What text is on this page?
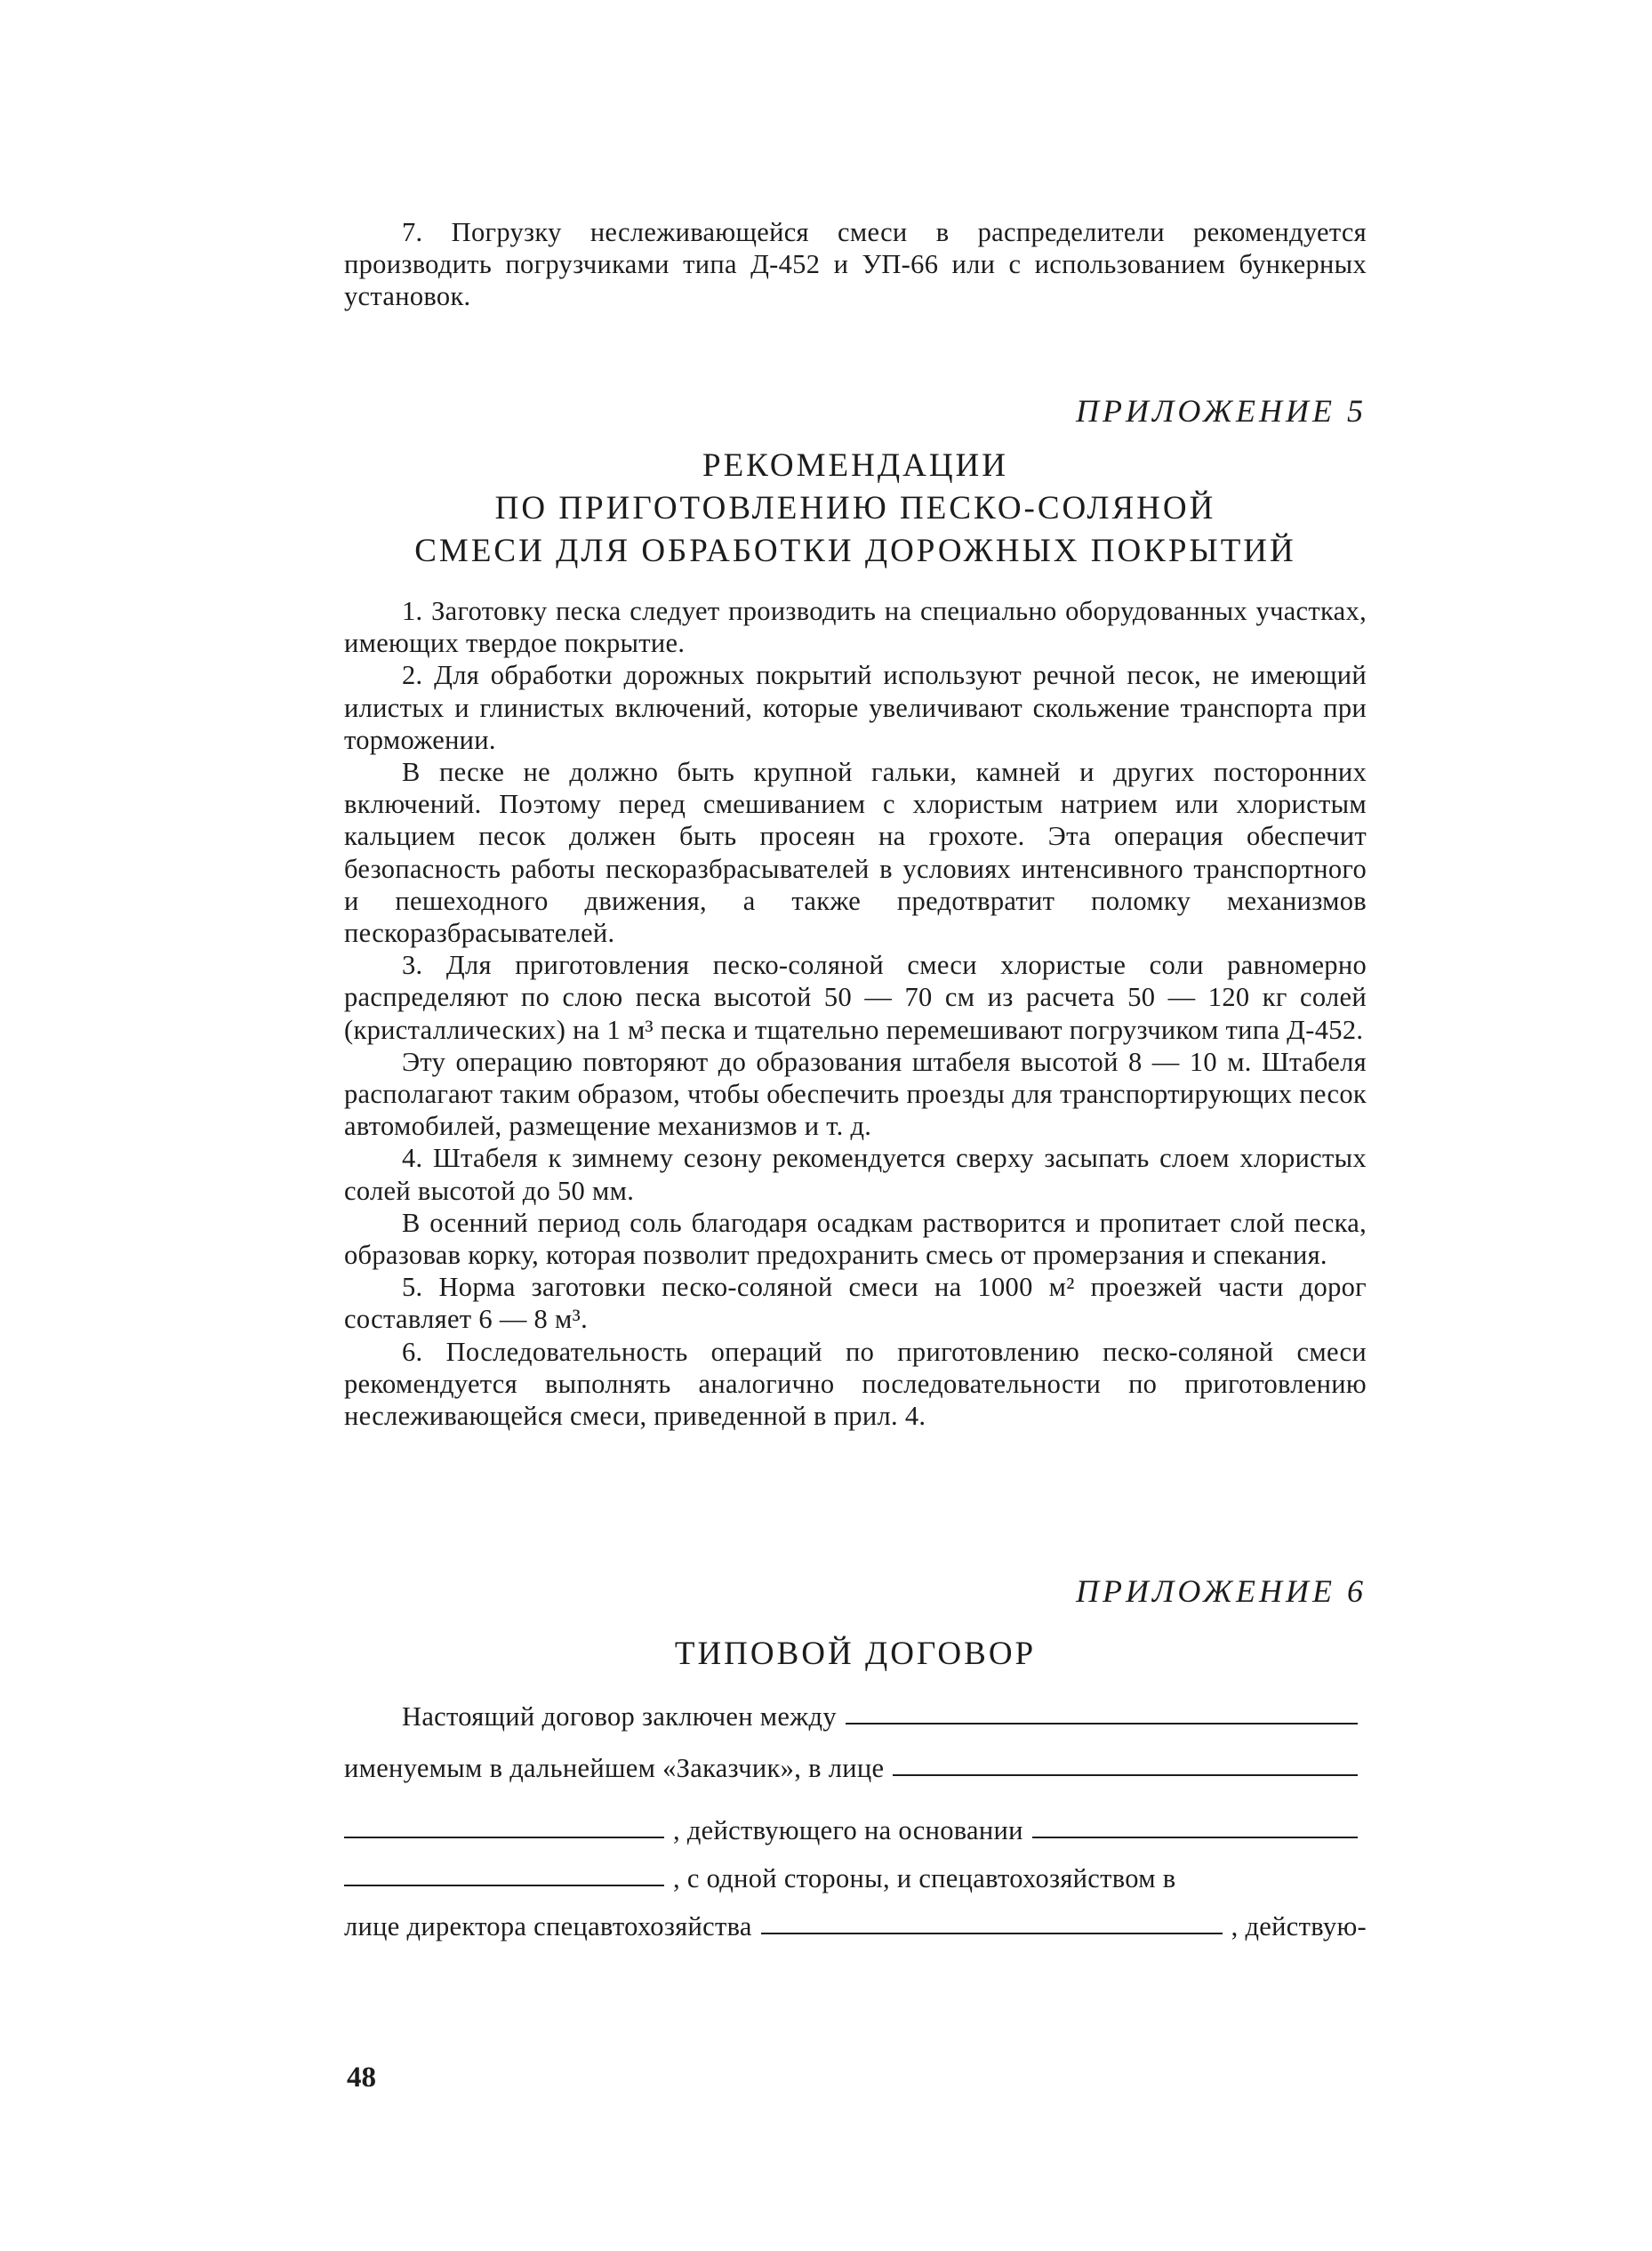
7. Погрузку неслеживающейся смеси в распределители рекомендуется производить погрузчиками типа Д-452 и УП-66 или с использованием бункерных установок.

ПРИЛОЖЕНИЕ 5

РЕКОМЕНДАЦИИ
ПО ПРИГОТОВЛЕНИЮ ПЕСКО-СОЛЯНОЙ
СМЕСИ ДЛЯ ОБРАБОТКИ ДОРОЖНЫХ ПОКРЫТИЙ

1. Заготовку песка следует производить на специально оборудованных участках, имеющих твердое покрытие.

2. Для обработки дорожных покрытий используют речной песок, не имеющий илистых и глинистых включений, которые увеличивают скольжение транспорта при торможении.

В песке не должно быть крупной гальки, камней и других посторонних включений. Поэтому перед смешиванием с хлористым натрием или хлористым кальцием песок должен быть просеян на грохоте. Эта операция обеспечит безопасность работы пескоразбрасывателей в условиях интенсивного транспортного и пешеходного движения, а также предотвратит поломку механизмов пескоразбрасывателей.

3. Для приготовления песко-соляной смеси хлористые соли равномерно распределяют по слою песка высотой 50 — 70 см из расчета 50 — 120 кг солей (кристаллических) на 1 м³ песка и тщательно перемешивают погрузчиком типа Д-452.

Эту операцию повторяют до образования штабеля высотой 8 — 10 м. Штабеля располагают таким образом, чтобы обеспечить проезды для транспортирующих песок автомобилей, размещение механизмов и т. д.

4. Штабеля к зимнему сезону рекомендуется сверху засыпать слоем хлористых солей высотой до 50 мм.

В осенний период соль благодаря осадкам растворится и пропитает слой песка, образовав корку, которая позволит предохранить смесь от промерзания и спекания.

5. Норма заготовки песко-соляной смеси на 1000 м² проезжей части дорог составляет 6 — 8 м³.

6. Последовательность операций по приготовлению песко-соляной смеси рекомендуется выполнять аналогично последовательности по приготовлению неслеживающейся смеси, приведенной в прил. 4.

ПРИЛОЖЕНИЕ 6

ТИПОВОЙ ДОГОВОР
Настоящий договор заключен между
именуемым в дальнейшем «Заказчик», в лице
, действующего на основании
, с одной стороны, и спецавтохозяйством в
лице директора спецавтохозяйства	, действую-

48
